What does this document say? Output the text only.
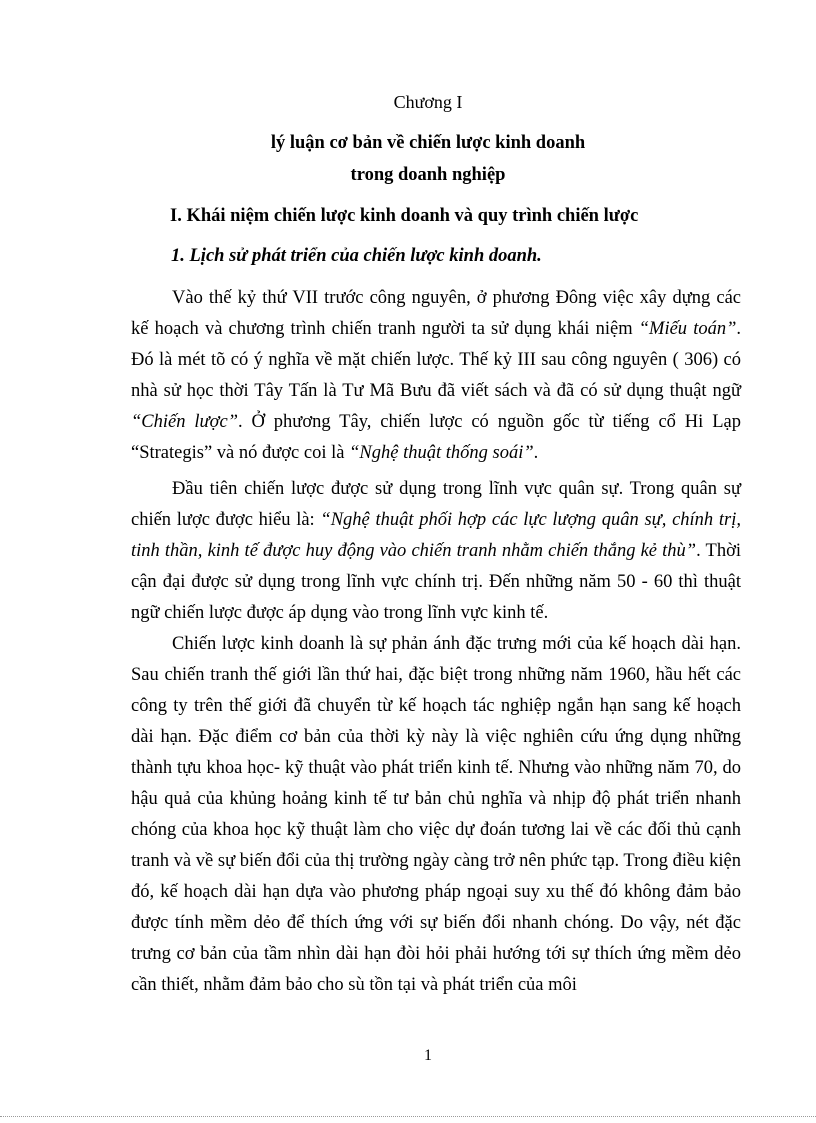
Chương I
lý luận cơ bản về chiến lược kinh doanh
trong doanh nghiệp
I. Khái niệm chiến lược kinh doanh và quy trình chiến lược
1. Lịch sử phát triển của chiến lược kinh doanh.

Vào thế kỷ thứ VII trước công nguyên, ở phương Đông việc xây dựng các kế hoạch và chương trình chiến tranh người ta sử dụng khái niệm “Miếu toán”. Đó là mét tõ có ý nghĩa về mặt chiến lược. Thế kỷ III sau công nguyên ( 306) có nhà sử học thời Tây Tấn là Tư Mã Bưu đã viết sách và đã có sử dụng thuật ngữ “Chiến lược”. Ở phương Tây, chiến lược có nguồn gốc từ tiếng cổ Hi Lạp “Strategis” và nó được coi là “Nghệ thuật thống soái”.

Đầu tiên chiến lược được sử dụng trong lĩnh vực quân sự. Trong quân sự chiến lược được hiểu là: “Nghệ thuật phối hợp các lực lượng quân sự, chính trị, tinh thần, kinh tế được huy động vào chiến tranh nhằm chiến thắng kẻ thù”. Thời cận đại được sử dụng trong lĩnh vực chính trị. Đến những năm 50 - 60 thì thuật ngữ chiến lược được áp dụng vào trong lĩnh vực kinh tế.

Chiến lược kinh doanh là sự phản ánh đặc trưng mới của kế hoạch dài hạn. Sau chiến tranh thế giới lần thứ hai, đặc biệt trong những năm 1960, hầu hết các công ty trên thế giới đã chuyển từ kế hoạch tác nghiệp ngắn hạn sang kế hoạch dài hạn. Đặc điểm cơ bản của thời kỳ này là việc nghiên cứu ứng dụng những thành tựu khoa học- kỹ thuật vào phát triển kinh tế. Nhưng vào những năm 70, do hậu quả của khủng hoảng kinh tế tư bản chủ nghĩa và nhịp độ phát triển nhanh chóng của khoa học kỹ thuật làm cho việc dự đoán tương lai về các đối thủ cạnh tranh và về sự biến đổi của thị trường ngày càng trở nên phức tạp. Trong điều kiện đó, kế hoạch dài hạn dựa vào phương pháp ngoại suy xu thế đó không đảm bảo được tính mềm dẻo để thích ứng với sự biến đổi nhanh chóng. Do vậy, nét đặc trưng cơ bản của tầm nhìn dài hạn đòi hỏi phải hướng tới sự thích ứng mềm dẻo cần thiết, nhằm đảm bảo cho sù tồn tại và phát triển của môi

1
